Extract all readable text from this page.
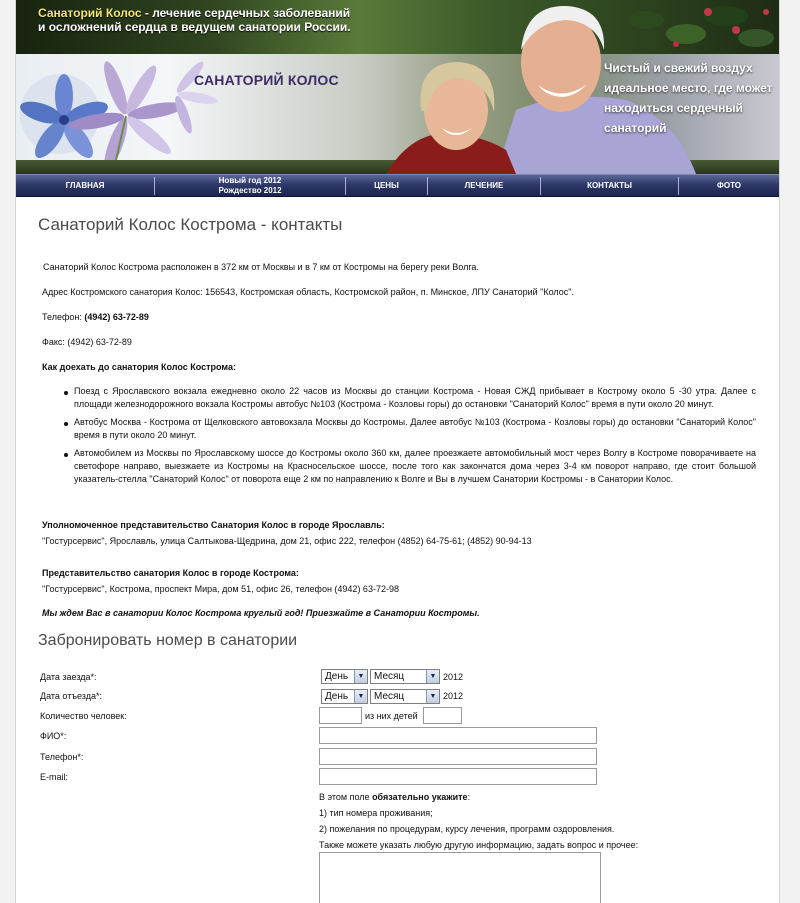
Санаторий Колос - лечение сердечных заболеваний и осложнений сердца в ведущем санатории России.
САНАТОРИЙ КОЛОС
Чистый и свежий воздух идеальное место, где может находиться сердечный санаторий
ГЛАВНАЯ
Новый год 2012
Рождество 2012
ЦЕНЫ	ЛЕЧЕНИЕ	КОНТАКТЫ	ФОТО
Санаторий Колос Кострома - контакты
Санаторий Колос Кострома расположен в 372 км от Москвы и в 7 км от Костромы на берегу реки Волга.
Адрес Костромского санатория Колос: 156543, Костромская область, Костромской район, п. Минское, ЛПУ Санаторий "Колос".
Телефон: (4942) 63-72-89
Факс: (4942) 63-72-89
Как доехать до санатория Колос Кострома:
Поезд с Ярославского вокзала ежедневно около 22 часов из Москвы до станции Кострома - Новая СЖД прибывает в Кострому около 5 -30 утра. Далее с площади железнодорожного вокзала Костромы автобус №103 (Кострома - Козловы горы) до остановки "Санаторий Колос" время в пути около 20 минут.
Автобус Москва - Кострома от Щелковского автовокзала Москвы до Костромы. Далее автобус №103 (Кострома - Козловы горы) до остановки "Санаторий Колос" время в пути около 20 минут.
Автомобилем из Москвы по Ярославскому шоссе до Костромы около 360 км, далее проезжаете автомобильный мост через Волгу в Костроме поворачиваете на светофоре направо, выезжаете из Костромы на Красносельское шоссе, после того как закончатся дома через 3-4 км поворот направо, где стоит большой указатель-стелла "Санаторий Колос" от поворота еще 2 км по направлению к Волге и Вы в лучшем Санатории Костромы - в Санатории Колос.
Уполномоченное представительство Санатория Колос в городе Ярославль:
"Гостурсервис", Ярославль, улица Салтыкова-Щедрина, дом 21, офис 222, телефон (4852) 64-75-61; (4852) 90-94-13
Представительство санатория Колос в городе Кострома:
"Гостурсервис", Кострома, проспект Мира, дом 51, офис 26, телефон (4942) 63-72-98
Мы ждем Вас в санатории Колос Кострома круглый год! Приезжайте в Санатории Костромы.
Забронировать номер в санатории
Дата заезда*:	День	▼ Месяц	▼ 2012
Дата отъезда*:	День	▼ Месяц	▼ 2012
Количество человек:	из них детей
ФИО*:
Телефон*:
E-mail:
В этом поле обязательно укажите:
1) тип номера проживания;
2) пожелания по процедурам, курсу лечения, программ оздоровления.
Также можете указать любую другую информацию, задать вопрос и прочее:
